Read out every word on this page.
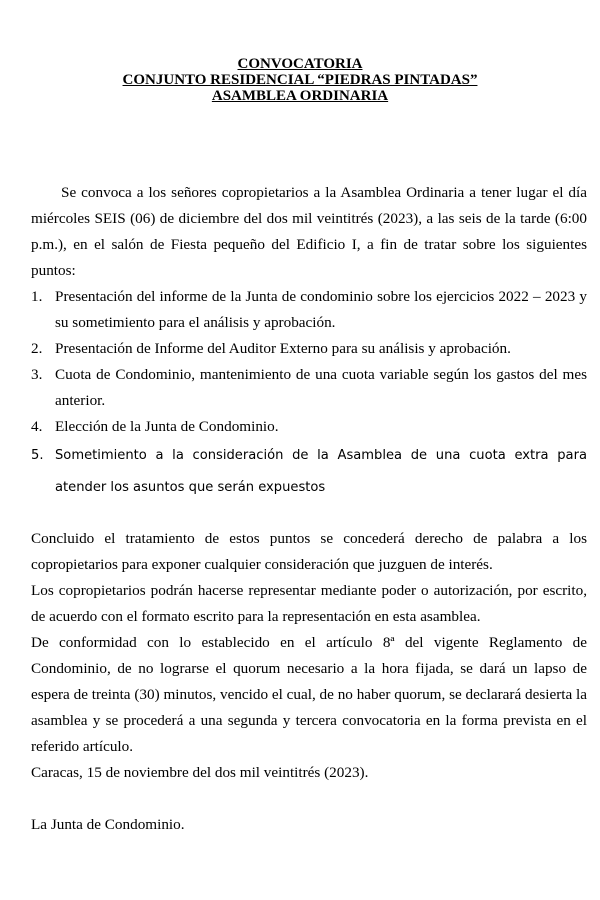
CONVOCATORIA
CONJUNTO RESIDENCIAL “PIEDRAS PINTADAS”
ASAMBLEA ORDINARIA

Se convoca a los señores copropietarios a la Asamblea Ordinaria a tener lugar el día miércoles SEIS (06) de diciembre del dos mil veintitrés (2023), a las seis de la tarde (6:00 p.m.), en el salón de Fiesta pequeño del Edificio I, a fin de tratar sobre los siguientes puntos:

1. Presentación del informe de la Junta de condominio sobre los ejercicios 2022 – 2023 y su sometimiento para el análisis y aprobación.
2. Presentación de Informe del Auditor Externo para su análisis y aprobación.
3. Cuota de Condominio, mantenimiento de una cuota variable según los gastos del mes anterior.
4. Elección de la Junta de Condominio.
5. Sometimiento a la consideración de la Asamblea de una cuota extra para atender los asuntos que serán expuestos

Concluido el tratamiento de estos puntos se concederá derecho de palabra a los copropietarios para exponer cualquier consideración que juzguen de interés.

Los copropietarios podrán hacerse representar mediante poder o autorización, por escrito, de acuerdo con el formato escrito para la representación en esta asamblea.

De conformidad con lo establecido en el artículo 8ª del vigente Reglamento de Condominio, de no lograrse el quorum necesario a la hora fijada, se dará un lapso de espera de treinta (30) minutos, vencido el cual, de no haber quorum, se declarará desierta la asamblea y se procederá a una segunda y tercera convocatoria en la forma prevista en el referido artículo.

Caracas, 15 de noviembre del dos mil veintitrés (2023).

La Junta de Condominio.
